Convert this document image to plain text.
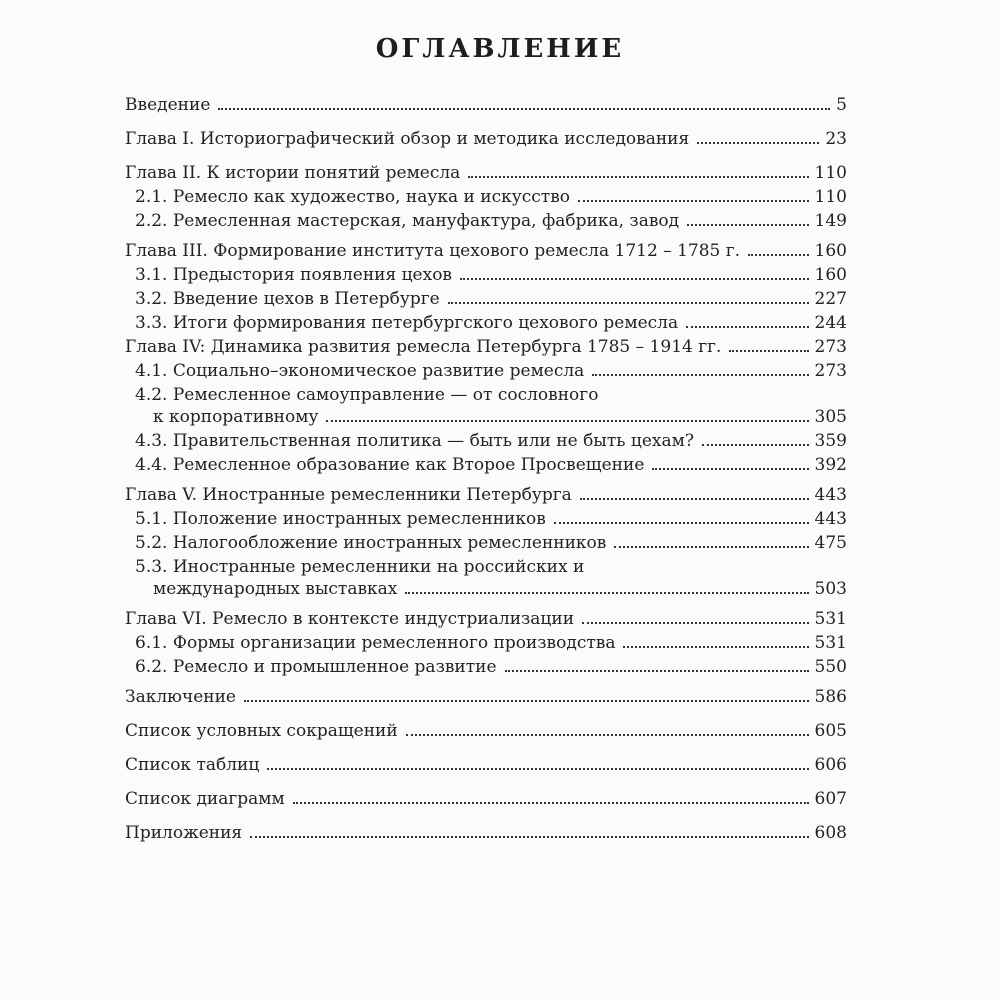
ОГЛАВЛЕНИЕ
Введение	5
Глава I. Историографический обзор и методика исследования	23
Глава II. К истории понятий ремесла	110
2.1. Ремесло как художество, наука и искусство	110
2.2. Ремесленная мастерская, мануфактура, фабрика, завод	149
Глава III. Формирование института цехового ремесла 1712 – 1785 г.	160
3.1. Предыстория появления цехов	160
3.2. Введение цехов в Петербурге	227
3.3. Итоги формирования петербургского цехового ремесла	244
Глава IV: Динамика развития ремесла Петербурга 1785 – 1914 гг.	273
4.1. Социально–экономическое развитие ремесла	273
4.2. Ремесленное самоуправление — от сословного
к корпоративному	305
4.3. Правительственная политика — быть или не быть цехам?	359
4.4. Ремесленное образование как Второе Просвещение	392
Глава V. Иностранные ремесленники Петербурга	443
5.1. Положение иностранных ремесленников	443
5.2. Налогообложение иностранных ремесленников	475
5.3. Иностранные ремесленники на российских и
международных выставках	503
Глава VI. Ремесло в контексте индустриализации	531
6.1. Формы организации ремесленного производства	531
6.2. Ремесло и промышленное развитие	550
Заключение	586
Список условных сокращений	605
Список таблиц	606
Список диаграмм	607
Приложения	608
